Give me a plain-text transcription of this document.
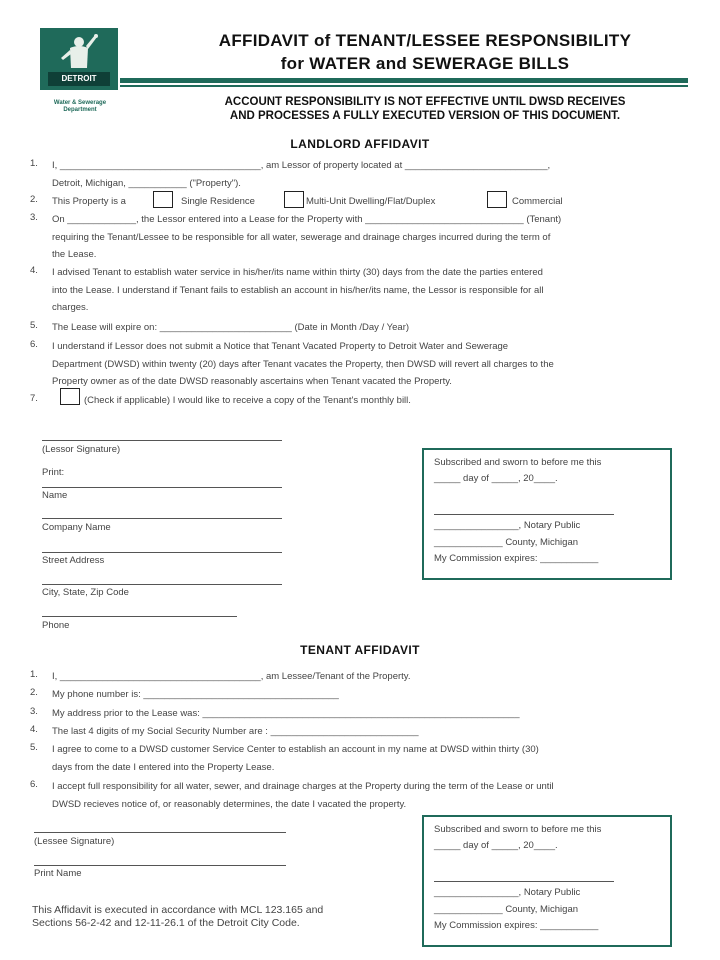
DETROIT
Water & Sewerage
Department
AFFIDAVIT of TENANT/LESSEE RESPONSIBILITY
for WATER and SEWERAGE BILLS
ACCOUNT RESPONSIBILITY IS NOT EFFECTIVE UNTIL DWSD RECEIVES
AND PROCESSES A FULLY EXECUTED VERSION OF THIS DOCUMENT.
LANDLORD AFFIDAVIT
1. I, ______________________________________, am Lessor of property located at ___________________________,
Detroit, Michigan, ___________ ("Property").
2. This Property is a	Single Residence	Multi-Unit Dwelling/Flat/Duplex	Commercial
3. On _____________, the Lessor entered into a Lease for the Property with ______________________________ (Tenant)
requiring the Tenant/Lessee to be responsible for all water, sewerage and drainage charges incurred during the term of
the Lease.
4. I advised Tenant to establish water service in his/her/its name within thirty (30) days from the date the parties entered
into the Lease. I understand if Tenant fails to establish an account in his/her/its name, the Lessor is responsible for all
charges.
5. The Lease will expire on: _________________________ (Date in Month /Day / Year)
6. I understand if Lessor does not submit a Notice that Tenant Vacated Property to Detroit Water and Sewerage
Department (DWSD) within twenty (20) days after Tenant vacates the Property, then DWSD will revert all charges to the
Property owner as of the date DWSD reasonably ascertains when Tenant vacated the Property.
7.	(Check if applicable) I would like to receive a copy of the Tenant's monthly bill.
(Lessor Signature)
Print:
Name
Company Name
Street Address
City, State, Zip Code
Phone
Subscribed and sworn to before me this
_____ day of _____, 20____.
________________, Notary Public
_____________ County, Michigan
My Commission expires: ___________
TENANT AFFIDAVIT
1. I, ______________________________________, am Lessee/Tenant of the Property.
2. My phone number is: _____________________________________
3. My address prior to the Lease was: ____________________________________________________________
4. The last 4 digits of my Social Security Number are : ____________________________
5. I agree to come to a DWSD customer Service Center to establish an account in my name at DWSD within thirty (30)
days from the date I entered into the Property Lease.
6. I accept full responsibility for all water, sewer, and drainage charges at the Property during the term of the Lease or until
DWSD recieves notice of, or reasonably determines, the date I vacated the property.
(Lessee Signature)
Print Name
Subscribed and sworn to before me this
_____ day of _____, 20____.
________________, Notary Public
_____________ County, Michigan
My Commission expires: ___________
This Affidavit is executed in accordance with MCL 123.165 and
Sections 56-2-42 and 12-11-26.1 of the Detroit City Code.
